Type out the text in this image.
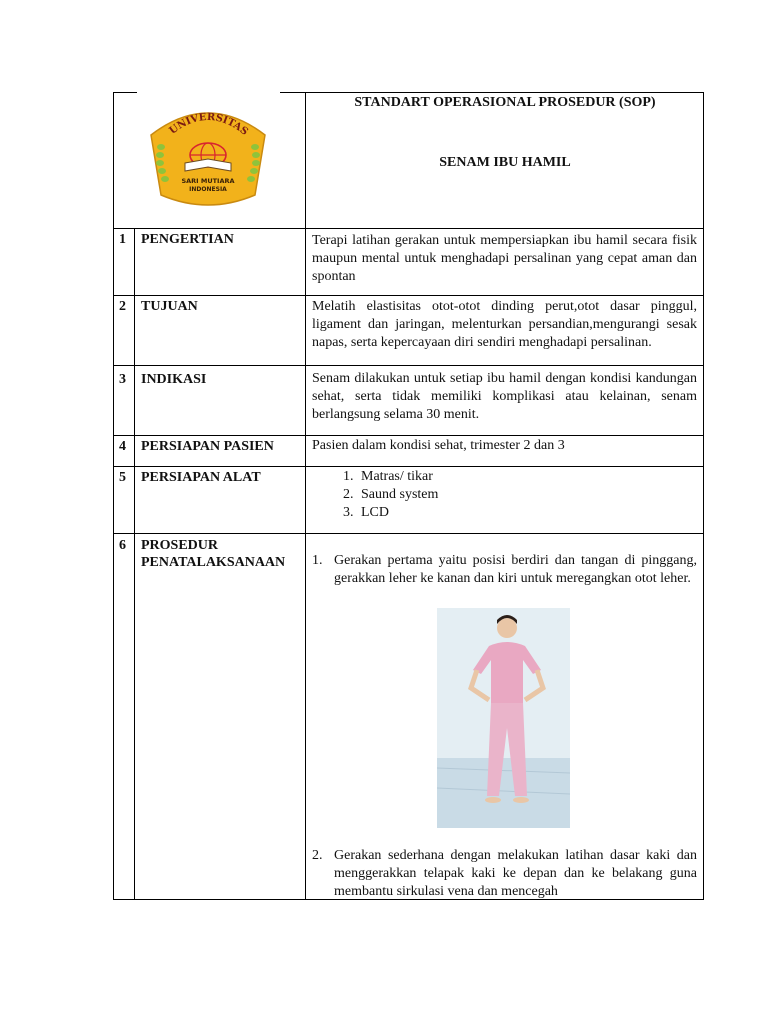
UNIVERSITAS
SARI MUTIARA
INDONESIA
STANDART OPERASIONAL PROSEDUR (SOP)
SENAM IBU HAMIL
1 PENGERTIAN	Terapi latihan gerakan untuk mempersiapkan ibu hamil secara fisik maupun mental untuk menghadapi persalinan yang cepat aman dan spontan
2 TUJUAN	Melatih elastisitas otot-otot dinding perut,otot dasar pinggul, ligament dan jaringan, melenturkan persandian,mengurangi sesak napas, serta kepercayaan diri sendiri menghadapi persalinan.
3 INDIKASI	Senam dilakukan untuk setiap ibu hamil dengan kondisi kandungan sehat, serta tidak memiliki komplikasi atau kelainan, senam berlangsung selama 30 menit.
4 PERSIAPAN PASIEN	Pasien dalam kondisi sehat, trimester 2 dan 3
5 PERSIAPAN ALAT
1.	Matras/ tikar
2. Saund system
3. LCD
6 PROSEDUR
PENATALAKSANAAN 1. Gerakan pertama yaitu posisi berdiri dan tangan di pinggang, gerakkan leher ke kanan dan kiri untuk meregangkan otot leher.
2. Gerakan sederhana dengan melakukan latihan dasar kaki dan menggerakkan telapak kaki ke depan dan ke belakang guna membantu sirkulasi vena dan mencegah
